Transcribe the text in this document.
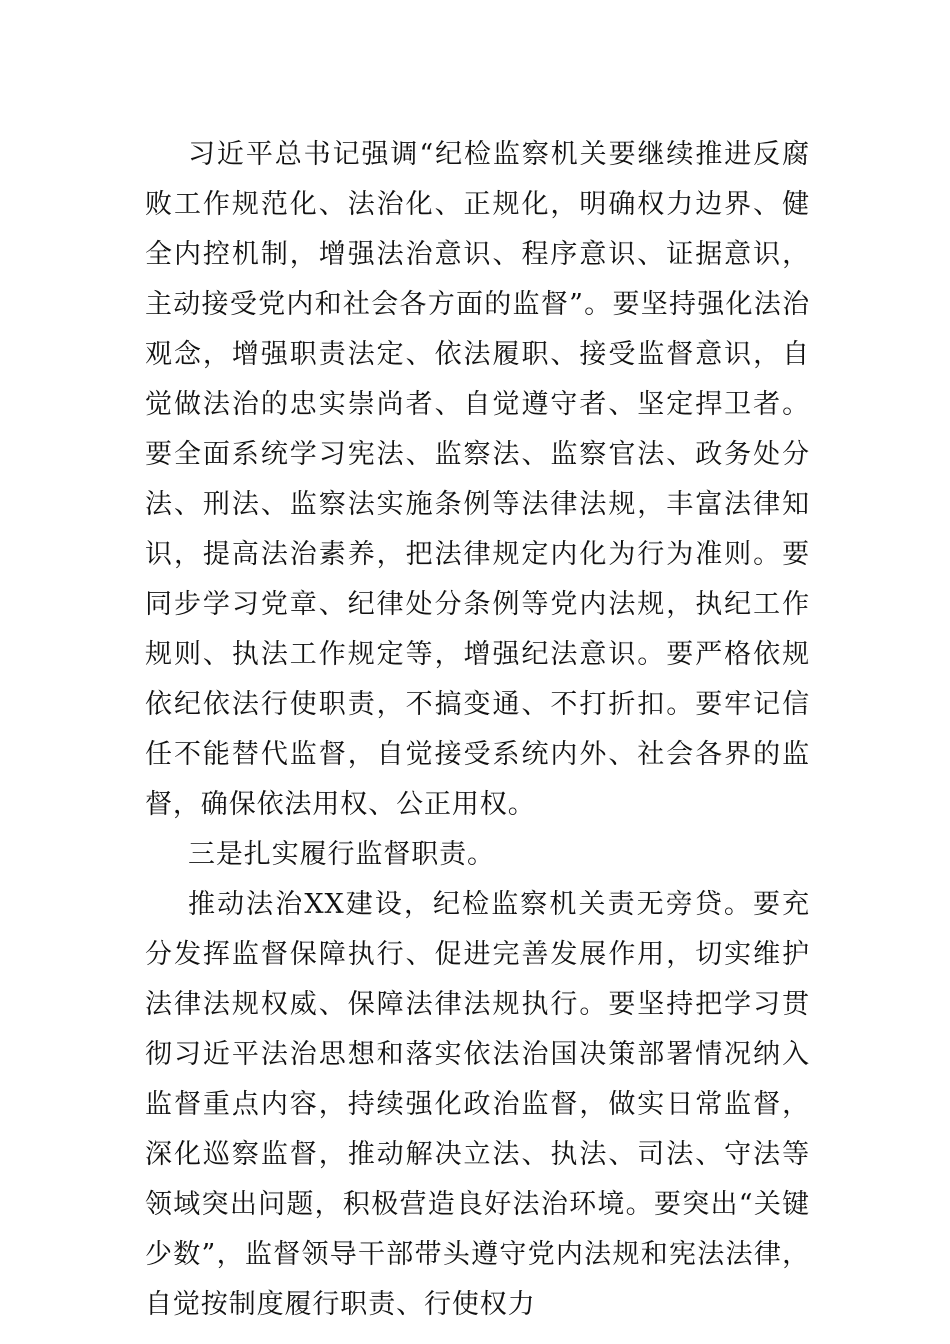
习近平总书记强调“纪检监察机关要继续推进反腐败工作规范化、法治化、正规化，明确权力边界、健全内控机制，增强法治意识、程序意识、证据意识，主动接受党内和社会各方面的监督”。要坚持强化法治观念，增强职责法定、依法履职、接受监督意识，自觉做法治的忠实崇尚者、自觉遵守者、坚定捍卫者。要全面系统学习宪法、监察法、监察官法、政务处分法、刑法、监察法实施条例等法律法规，丰富法律知识，提高法治素养，把法律规定内化为行为准则。要同步学习党章、纪律处分条例等党内法规，执纪工作规则、执法工作规定等，增强纪法意识。要严格依规依纪依法行使职责，不搞变通、不打折扣。要牢记信任不能替代监督，自觉接受系统内外、社会各界的监督，确保依法用权、公正用权。

三是扎实履行监督职责。

推动法治XX建设，纪检监察机关责无旁贷。要充分发挥监督保障执行、促进完善发展作用，切实维护法律法规权威、保障法律法规执行。要坚持把学习贯彻习近平法治思想和落实依法治国决策部署情况纳入监督重点内容，持续强化政治监督，做实日常监督，深化巡察监督，推动解决立法、执法、司法、守法等领域突出问题，积极营造良好法治环境。要突出“关键少数”，监督领导干部带头遵守党内法规和宪法法律，自觉按制度履行职责、行使权力
